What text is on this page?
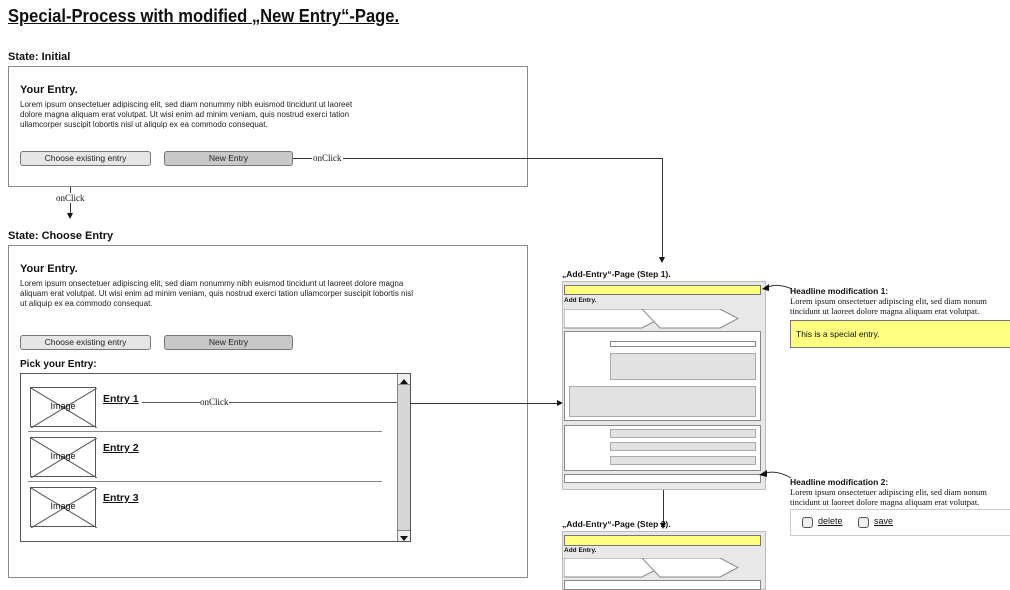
Special-Process with modified „New Entry“-Page.
State: Initial
Your Entry.
Lorem ipsum onsectetuer adipiscing elit, sed diam nonummy nibh euismod tincidunt ut laoreet
dolore magna aliquam erat volutpat. Ut wisi enim ad minim veniam, quis nostrud exerci tation
ullamcorper suscipit lobortis nisl ut aliquip ex ea commodo consequat.
Choose existing entry	New Entry	onClick
onClick
State: Choose Entry
Your Entry.
Lorem ipsum onsectetuer adipiscing elit, sed diam nonummy nibh euismod tincidunt ut laoreet dolore magna
aliquam erat volutpat. Ut wisi enim ad minim veniam, quis nostrud exerci tation ullamcorper suscipit lobortis nisl
ut aliquip ex ea commodo consequat.
Choose existing entry	New Entry
Pick your Entry:
Image
Entry 1	onClick
Image
Entry 2
Image
Entry 3
„Add-Entry“-Page (Step 1).
Add Entry.
„Add-Entry“-Page (Step 2).
Add Entry.
Headline modification 1:
Lorem ipsum onsectetuer adipiscing elit, sed diam nonum
tincidunt ut laoreet dolore magna aliquam erat volutpat.
This is a special entry.
Headline modification 2:
Lorem ipsum onsectetuer adipiscing elit, sed diam nonum
tincidunt ut laoreet dolore magna aliquam erat volutpat.
delete	save
